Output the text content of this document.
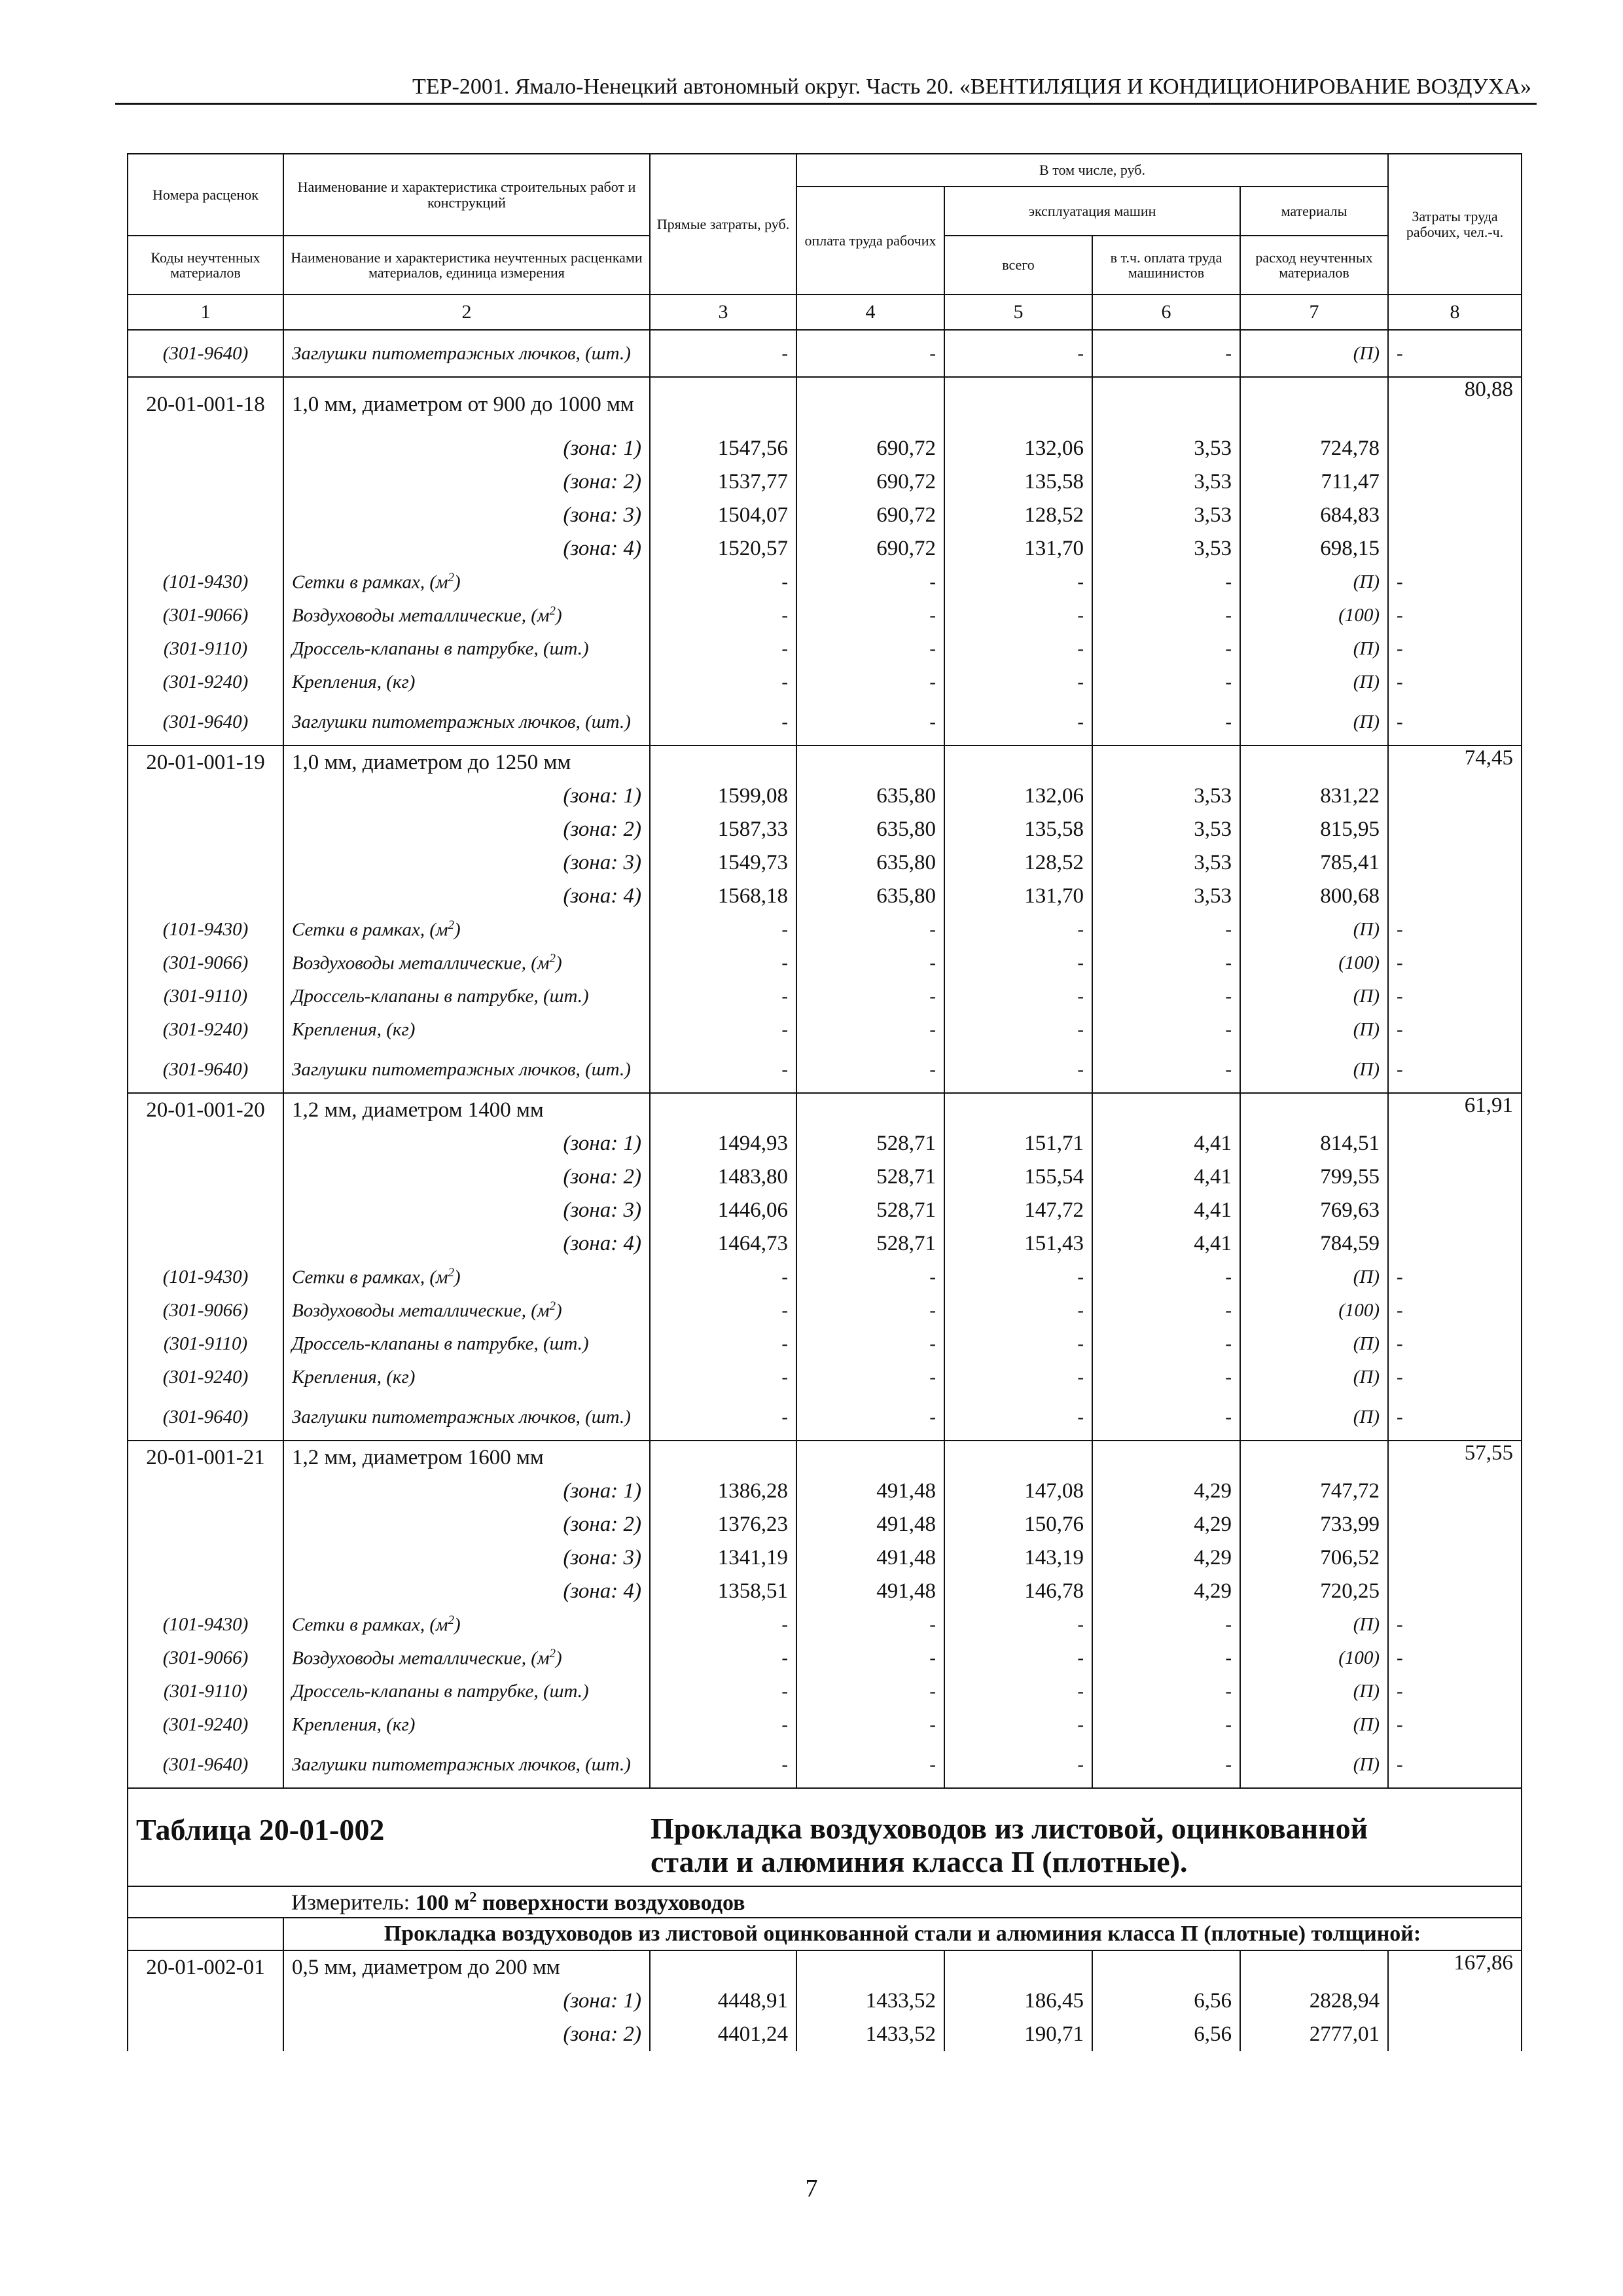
ТЕР-2001. Ямало-Ненецкий автономный округ. Часть 20. «ВЕНТИЛЯЦИЯ И КОНДИЦИОНИРОВАНИЕ ВОЗДУХА»
Номера расценок	Наименование и характеристика строительных работ и конструкций	Прямые затраты, руб.	В том числе, руб.				Затраты труда рабочих, чел.-ч.
			оплата труда рабочих	эксплуатация машин		материалы	
Коды неучтенных материалов	Наименование и характеристика неучтенных расценками материалов, единица измерения			всего	в т.ч. оплата труда машинистов	расход неучтенных материалов	
1	2	3	4	5	6	7	8
(301-9640)	Заглушки питометражных лючков, (шт.)	-	-	-	-	(П)	-
20-01-001-18	1,0 мм, диаметром от 900 до 1000 мм						80,88
	(зона: 1)	1547,56	690,72	132,06	3,53	724,78	
	(зона: 2)	1537,77	690,72	135,58	3,53	711,47	
	(зона: 3)	1504,07	690,72	128,52	3,53	684,83	
	(зона: 4)	1520,57	690,72	131,70	3,53	698,15	
(101-9430)	Сетки в рамках, $(м^2)$	-	-	-	-	(П)	-
(301-9066)	Воздуховоды металлические, $(м^2)$	-	-	-	-	(100)	-
(301-9110)	Дроссель-клапаны в патрубке, (шт.)	-	-	-	-	(П)	-
(301-9240)	Крепления, (кг)	-	-	-	-	(П)	-
(301-9640)	Заглушки питометражных лючков, (шт.)	-	-	-	-	(П)	-
20-01-001-19	1,0 мм, диаметром до 1250 мм						74,45
	(зона: 1)	1599,08	635,80	132,06	3,53	831,22	
	(зона: 2)	1587,33	635,80	135,58	3,53	815,95	
	(зона: 3)	1549,73	635,80	128,52	3,53	785,41	
	(зона: 4)	1568,18	635,80	131,70	3,53	800,68	
(101-9430)	Сетки в рамках, $(м^2)$	-	-	-	-	(П)	-
(301-9066)	Воздуховоды металлические, $(м^2)$	-	-	-	-	(100)	-
(301-9110)	Дроссель-клапаны в патрубке, (шт.)	-	-	-	-	(П)	-
(301-9240)	Крепления, (кг)	-	-	-	-	(П)	-
(301-9640)	Заглушки питометражных лючков, (шт.)	-	-	-	-	(П)	-
20-01-001-20	1,2 мм, диаметром 1400 мм						61,91
	(зона: 1)	1494,93	528,71	151,71	4,41	814,51	
	(зона: 2)	1483,80	528,71	155,54	4,41	799,55	
	(зона: 3)	1446,06	528,71	147,72	4,41	769,63	
	(зона: 4)	1464,73	528,71	151,43	4,41	784,59	
(101-9430)	Сетки в рамках, $(м^2)$	-	-	-	-	(П)	-
(301-9066)	Воздуховоды металлические, $(м^2)$	-	-	-	-	(100)	-
(301-9110)	Дроссель-клапаны в патрубке, (шт.)	-	-	-	-	(П)	-
(301-9240)	Крепления, (кг)	-	-	-	-	(П)	-
(301-9640)	Заглушки питометражных лючков, (шт.)	-	-	-	-	(П)	-
20-01-001-21	1,2 мм, диаметром 1600 мм						57,55
	(зона: 1)	1386,28	491,48	147,08	4,29	747,72	
	(зона: 2)	1376,23	491,48	150,76	4,29	733,99	
	(зона: 3)	1341,19	491,48	143,19	4,29	706,52	
	(зона: 4)	1358,51	491,48	146,78	4,29	720,25	
(101-9430)	Сетки в рамках, $(м^2)$	-	-	-	-	(П)	-
(301-9066)	Воздуховоды металлические, $(м^2)$	-	-	-	-	(100)	-
(301-9110)	Дроссель-клапаны в патрубке, (шт.)	-	-	-	-	(П)	-
(301-9240)	Крепления, (кг)	-	-	-	-	(П)	-
(301-9640)	Заглушки питометражных лючков, (шт.)	-	-	-	-	(П)	-

Таблица 20-01-002 Прокладка воздуховодов из листовой, оцинкованной
стали и алюминия класса П (плотные).							

	Измеритель: 100 $м^2$ поверхности воздуховодов						
	Прокладка воздуховодов из листовой оцинкованной стали и алюминия класса П (плотные) толщиной:						
20-01-002-01	0,5 мм, диаметром до 200 мм						167,86
	(зона: 1)	4448,91	1433,52	186,45	6,56	2828,94	
	(зона: 2)	4401,24	1433,52	190,71	6,56	2777,01	
7
